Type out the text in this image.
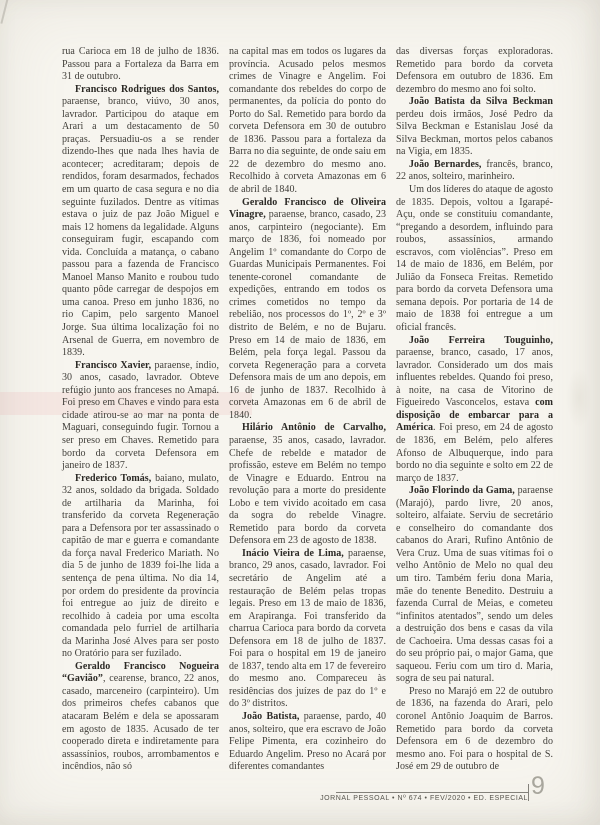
rua Carioca em 18 de julho de 1836. Passou para a Fortaleza da Barra em 31 de outubro.

Francisco Rodrigues dos Santos, paraense, branco, viúvo, 30 anos, lavrador. Participou do ataque em Arari a um destacamento de 50 praças. Persuadiu-os a se render dizendo-lhes que nada lhes havia de acontecer; acreditaram; depois de rendidos, foram desarmados, fechados em um quarto de casa segura e no dia seguinte fuzilados. Dentre as vítimas estava o juiz de paz João Miguel e mais 12 homens da legalidade. Alguns conseguiram fugir, escapando com vida. Concluída a matança, o cabano passou para a fazenda de Francisco Manoel Manso Manito e roubou tudo quanto pôde carregar de despojos em uma canoa. Preso em junho 1836, no rio Capim, pelo sargento Manoel Jorge. Sua última localização foi no Arsenal de Guerra, em novembro de 1839.

Francisco Xavier, paraense, índio, 30 anos, casado, lavrador. Obteve refúgio junto aos franceses no Amapá. Foi preso em Chaves e vindo para esta cidade atirou-se ao mar na ponta de Maguari, conseguindo fugir. Tornou a ser preso em Chaves. Remetido para bordo da corveta Defensora em janeiro de 1837.

Frederico Tomás, baiano, mulato, 32 anos, soldado da brigada. Soldado de artilharia da Marinha, foi transferido da corveta Regeneração para a Defensora por ter assassinado o capitão de mar e guerra e comandante da força naval Frederico Mariath. No dia 5 de junho de 1839 foi-lhe lida a sentença de pena última. No dia 14, por ordem do presidente da província foi entregue ao juiz de direito e recolhido à cadeia por uma escolta comandada pelo furriel de artilharia da Marinha José Alves para ser posto no Oratório para ser fuzilado.

Geraldo Francisco Nogueira “Gavião”, cearense, branco, 22 anos, casado, marceneiro (carpinteiro). Um dos primeiros chefes cabanos que atacaram Belém e dela se apossaram em agosto de 1835. Acusado de ter cooperado direta e indiretamente para assassínios, roubos, arrombamentos e incêndios, não só

na capital mas em todos os lugares da província. Acusado pelos mesmos crimes de Vinagre e Angelim. Foi comandante dos rebeldes do corpo de permanentes, da polícia do ponto do Porto do Sal. Remetido para bordo da corveta Defensora em 30 de outubro de 1836. Passou para a fortaleza da Barra no dia seguinte, de onde saiu em 22 de dezembro do mesmo ano. Recolhido à corveta Amazonas em 6 de abril de 1840.

Geraldo Francisco de Oliveira Vinagre, paraense, branco, casado, 23 anos, carpinteiro (negociante). Em março de 1836, foi nomeado por Angelim 1º comandante do Corpo de Guardas Municipais Permanentes. Foi tenente-coronel comandante de expedições, entrando em todos os crimes cometidos no tempo da rebelião, nos processos do 1º, 2º e 3º distrito de Belém, e no de Bujaru. Preso em 14 de maio de 1836, em Belém, pela força legal. Passou da corveta Regeneração para a corveta Defensora mais de um ano depois, em 16 de junho de 1837. Recolhido à corveta Amazonas em 6 de abril de 1840.

Hilário Antônio de Carvalho, paraense, 35 anos, casado, lavrador. Chefe de rebelde e matador de profissão, esteve em Belém no tempo de Vinagre e Eduardo. Entrou na revolução para a morte do presidente Lobo e tem vivido acoitado em casa da sogra do rebelde Vinagre. Remetido para bordo da corveta Defensora em 23 de agosto de 1838.

Inácio Vieira de Lima, paraense, branco, 29 anos, casado, lavrador. Foi secretário de Angelim até a restauração de Belém pelas tropas legais. Preso em 13 de maio de 1836, em Arapiranga. Foi transferido da charrua Carioca para bordo da corveta Defensora em 18 de julho de 1837. Foi para o hospital em 19 de janeiro de 1837, tendo alta em 17 de fevereiro do mesmo ano. Compareceu às residências dos juízes de paz do 1º e do 3º distritos.

João Batista, paraense, pardo, 40 anos, solteiro, que era escravo de João Felipe Pimenta, era cozinheiro do Eduardo Angelim. Preso no Acará por diferentes comandantes

das diversas forças exploradoras. Remetido para bordo da corveta Defensora em outubro de 1836. Em dezembro do mesmo ano foi solto.

João Batista da Silva Beckman perdeu dois irmãos, José Pedro da Silva Beckman e Estanislau José da Silva Beckman, mortos pelos cabanos na Vigia, em 1835.

João Bernardes, francês, branco, 22 anos, solteiro, marinheiro.

Um dos líderes do ataque de agosto de 1835. Depois, voltou a Igarapé-Açu, onde se constituiu comandante, “pregando a desordem, influindo para roubos, assassínios, armando escravos, com violências”. Preso em 14 de maio de 1836, em Belém, por Julião da Fonseca Freitas. Remetido para bordo da corveta Defensora uma semana depois. Por portaria de 14 de maio de 1838 foi entregue a um oficial francês.

João Ferreira Touguinho, paraense, branco, casado, 17 anos, lavrador. Considerado um dos mais influentes rebeldes. Quando foi preso, à noite, na casa de Vitorino de Figueiredo Vasconcelos, estava com disposição de embarcar para a América. Foi preso, em 24 de agosto de 1836, em Belém, pelo alferes Afonso de Albuquerque, indo para bordo no dia seguinte e solto em 22 de março de 1837.

João Florindo da Gama, paraense (Marajó), pardo livre, 20 anos, solteiro, alfaiate. Serviu de secretário e conselheiro do comandante dos cabanos do Arari, Rufino Antônio de Vera Cruz. Uma de suas vítimas foi o velho Antônio de Melo no qual deu um tiro. Também feriu dona Maria, mãe do tenente Benedito. Destruiu a fazenda Curral de Meias, e cometeu “infinitos atentados”, sendo um deles a destruição dos bens e casas da vila de Cachoeira. Uma dessas casas foi a do seu próprio pai, o major Gama, que saqueou. Feriu com um tiro d. Maria, sogra de seu pai natural.

Preso no Marajó em 22 de outubro de 1836, na fazenda do Arari, pelo coronel Antônio Joaquim de Barros. Remetido para bordo da corveta Defensora em 6 de dezembro do mesmo ano. Foi para o hospital de S. José em 29 de outubro de

JORNAL PESSOAL • Nº 674 • FEV/2020 • ED. ESPECIAL 9
